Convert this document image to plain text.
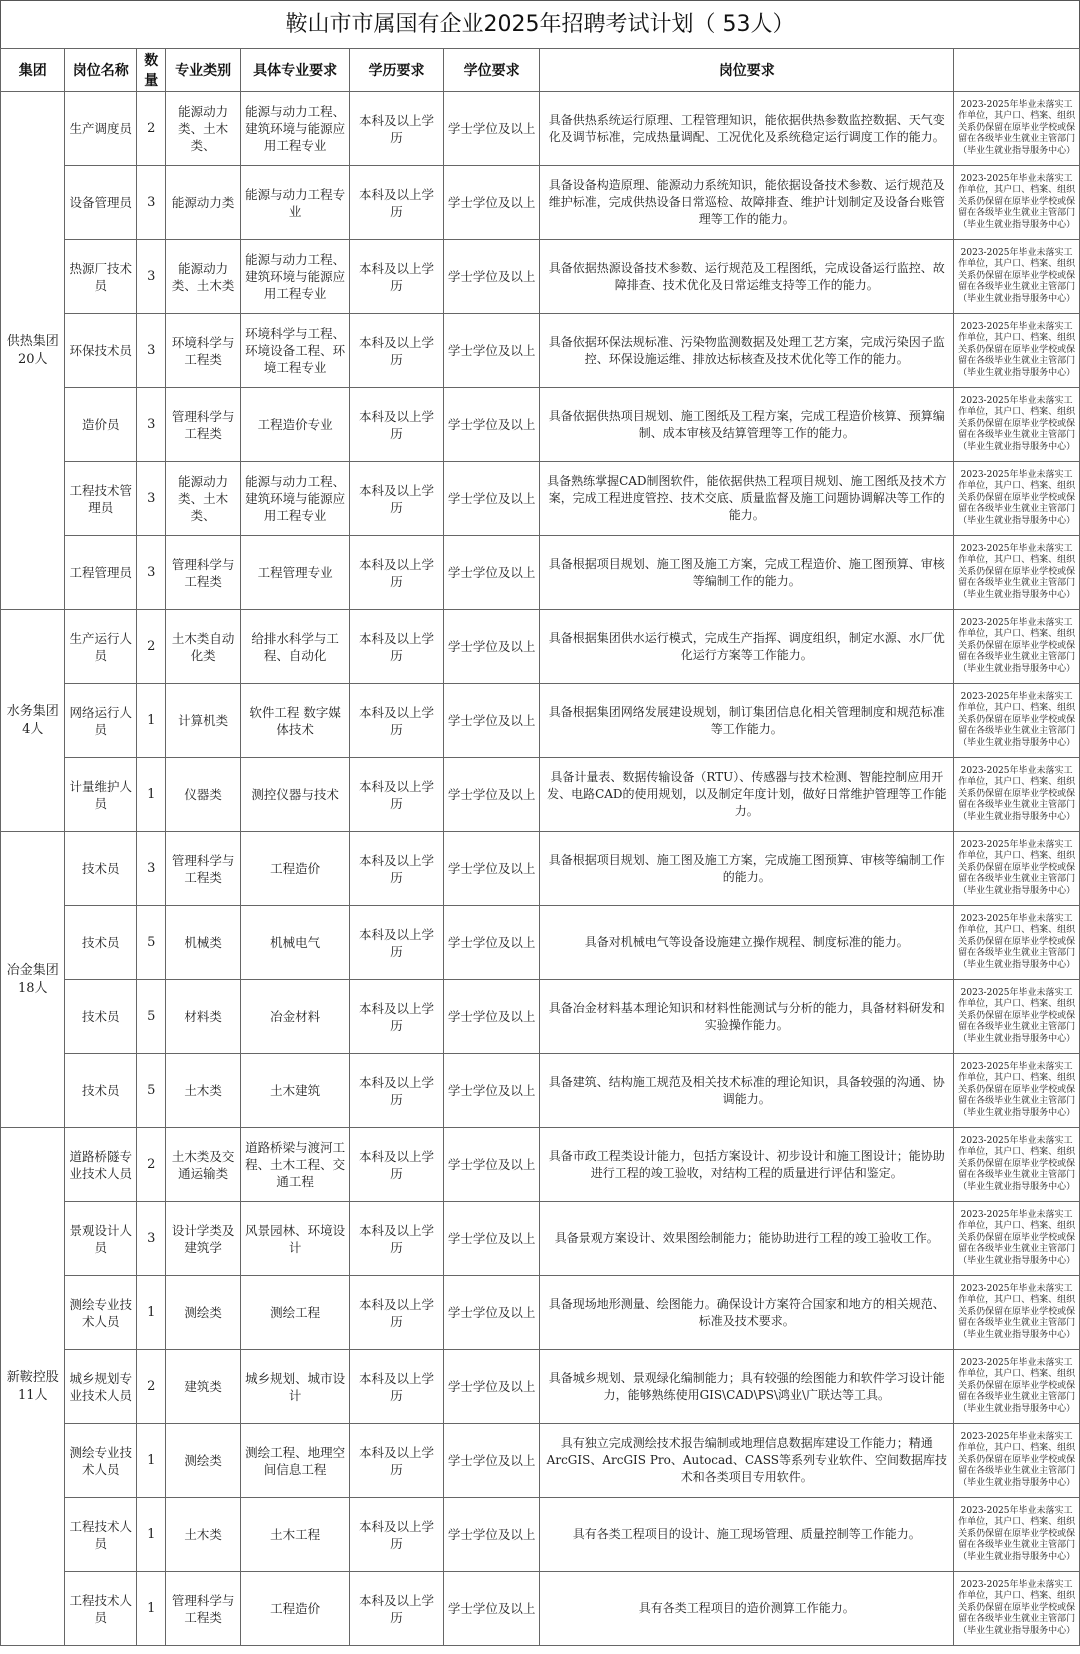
鞍山市市属国有企业2025年招聘考试计划（ 53人）
集团	岗位名称	数量	专业类别	具体专业要求	学历要求	学位要求	岗位要求	
供热集团20人	生产调度员	2	能源动力类、土木类、	能源与动力工程、建筑环境与能源应用工程专业	本科及以上学历	学士学位及以上	具备供热系统运行原理、工程管理知识，能依据供热参数监控数据、天气变化及调节标准，完成热量调配、工况优化及系统稳定运行调度工作的能力。	2023-2025年毕业未落实工作单位，其户口、档案、组织关系仍保留在原毕业学校或保留在各级毕业生就业主管部门（毕业生就业指导服务中心）
	设备管理员	3	能源动力类	能源与动力工程专业	本科及以上学历	学士学位及以上	具备设备构造原理、能源动力系统知识，能依据设备技术参数、运行规范及维护标准，完成供热设备日常巡检、故障排查、维护计划制定及设备台账管理等工作的能力。	2023-2025年毕业未落实工作单位，其户口、档案、组织关系仍保留在原毕业学校或保留在各级毕业生就业主管部门（毕业生就业指导服务中心）
	热源厂技术员	3	能源动力类、土木类	能源与动力工程、建筑环境与能源应用工程专业	本科及以上学历	学士学位及以上	具备依据热源设备技术参数、运行规范及工程图纸，完成设备运行监控、故障排查、技术优化及日常运维支持等工作的能力。	2023-2025年毕业未落实工作单位，其户口、档案、组织关系仍保留在原毕业学校或保留在各级毕业生就业主管部门（毕业生就业指导服务中心）
	环保技术员	3	环境科学与工程类	环境科学与工程、环境设备工程、环境工程专业	本科及以上学历	学士学位及以上	具备依据环保法规标准、污染物监测数据及处理工艺方案，完成污染因子监控、环保设施运维、排放达标核查及技术优化等工作的能力。	2023-2025年毕业未落实工作单位，其户口、档案、组织关系仍保留在原毕业学校或保留在各级毕业生就业主管部门（毕业生就业指导服务中心）
	造价员	3	管理科学与工程类	工程造价专业	本科及以上学历	学士学位及以上	具备依据供热项目规划、施工图纸及工程方案，完成工程造价核算、预算编制、成本审核及结算管理等工作的能力。	2023-2025年毕业未落实工作单位，其户口、档案、组织关系仍保留在原毕业学校或保留在各级毕业生就业主管部门（毕业生就业指导服务中心）
	工程技术管理员	3	能源动力类、土木类、	能源与动力工程、建筑环境与能源应用工程专业	本科及以上学历	学士学位及以上	具备熟练掌握CAD制图软件，能依据供热工程项目规划、施工图纸及技术方案，完成工程进度管控、技术交底、质量监督及施工问题协调解决等工作的能力。	2023-2025年毕业未落实工作单位，其户口、档案、组织关系仍保留在原毕业学校或保留在各级毕业生就业主管部门（毕业生就业指导服务中心）
	工程管理员	3	管理科学与工程类	工程管理专业	本科及以上学历	学士学位及以上	具备根据项目规划、施工图及施工方案，完成工程造价、施工图预算、审核等编制工作的能力。	2023-2025年毕业未落实工作单位，其户口、档案、组织关系仍保留在原毕业学校或保留在各级毕业生就业主管部门（毕业生就业指导服务中心）
水务集团4人	生产运行人员	2	土木类自动化类	给排水科学与工程、自动化	本科及以上学历	学士学位及以上	具备根据集团供水运行模式，完成生产指挥、调度组织，制定水源、水厂优化运行方案等工作能力。	2023-2025年毕业未落实工作单位，其户口、档案、组织关系仍保留在原毕业学校或保留在各级毕业生就业主管部门（毕业生就业指导服务中心）
	网络运行人员	1	计算机类	软件工程 数字媒体技术	本科及以上学历	学士学位及以上	具备根据集团网络发展建设规划，制订集团信息化相关管理制度和规范标准等工作能力。	2023-2025年毕业未落实工作单位，其户口、档案、组织关系仍保留在原毕业学校或保留在各级毕业生就业主管部门（毕业生就业指导服务中心）
	计量维护人员	1	仪器类	测控仪器与技术	本科及以上学历	学士学位及以上	具备计量表、数据传输设备（RTU）、传感器与技术检测、智能控制应用开发、电路CAD的使用规划，以及制定年度计划，做好日常维护管理等工作能力。	2023-2025年毕业未落实工作单位，其户口、档案、组织关系仍保留在原毕业学校或保留在各级毕业生就业主管部门（毕业生就业指导服务中心）
冶金集团18人	技术员	3	管理科学与工程类	工程造价	本科及以上学历	学士学位及以上	具备根据项目规划、施工图及施工方案，完成施工图预算、审核等编制工作的能力。	2023-2025年毕业未落实工作单位，其户口、档案、组织关系仍保留在原毕业学校或保留在各级毕业生就业主管部门（毕业生就业指导服务中心）
	技术员	5	机械类	机械电气	本科及以上学历	学士学位及以上	具备对机械电气等设备设施建立操作规程、制度标准的能力。	2023-2025年毕业未落实工作单位，其户口、档案、组织关系仍保留在原毕业学校或保留在各级毕业生就业主管部门（毕业生就业指导服务中心）
	技术员	5	材料类	冶金材料	本科及以上学历	学士学位及以上	具备冶金材料基本理论知识和材料性能测试与分析的能力，具备材料研发和实验操作能力。	2023-2025年毕业未落实工作单位，其户口、档案、组织关系仍保留在原毕业学校或保留在各级毕业生就业主管部门（毕业生就业指导服务中心）
	技术员	5	土木类	土木建筑	本科及以上学历	学士学位及以上	具备建筑、结构施工规范及相关技术标准的理论知识，具备较强的沟通、协调能力。	2023-2025年毕业未落实工作单位，其户口、档案、组织关系仍保留在原毕业学校或保留在各级毕业生就业主管部门（毕业生就业指导服务中心）
新鞍控股11人	道路桥隧专业技术人员	2	土木类及交通运输类	道路桥梁与渡河工程、土木工程、交通工程	本科及以上学历	学士学位及以上	具备市政工程类设计能力，包括方案设计、初步设计和施工图设计；能协助进行工程的竣工验收，对结构工程的质量进行评估和鉴定。	2023-2025年毕业未落实工作单位，其户口、档案、组织关系仍保留在原毕业学校或保留在各级毕业生就业主管部门（毕业生就业指导服务中心）
	景观设计人员	3	设计学类及建筑学	风景园林、环境设计	本科及以上学历	学士学位及以上	具备景观方案设计、效果图绘制能力；能协助进行工程的竣工验收工作。	2023-2025年毕业未落实工作单位，其户口、档案、组织关系仍保留在原毕业学校或保留在各级毕业生就业主管部门（毕业生就业指导服务中心）
	测绘专业技术人员	1	测绘类	测绘工程	本科及以上学历	学士学位及以上	具备现场地形测量、绘图能力。确保设计方案符合国家和地方的相关规范、标准及技术要求。	2023-2025年毕业未落实工作单位，其户口、档案、组织关系仍保留在原毕业学校或保留在各级毕业生就业主管部门（毕业生就业指导服务中心）
	城乡规划专业技术人员	2	建筑类	城乡规划、城市设计	本科及以上学历	学士学位及以上	具备城乡规划、景观绿化编制能力；具有较强的绘图能力和软件学习设计能力，能够熟练使用GIS\CAD\PS\鸿业\广联达等工具。	2023-2025年毕业未落实工作单位，其户口、档案、组织关系仍保留在原毕业学校或保留在各级毕业生就业主管部门（毕业生就业指导服务中心）
	测绘专业技术人员	1	测绘类	测绘工程、地理空间信息工程	本科及以上学历	学士学位及以上	具有独立完成测绘技术报告编制或地理信息数据库建设工作能力；精通ArcGIS、ArcGIS Pro、Autocad、CASS等系列专业软件、空间数据库技术和各类项目专用软件。	2023-2025年毕业未落实工作单位，其户口、档案、组织关系仍保留在原毕业学校或保留在各级毕业生就业主管部门（毕业生就业指导服务中心）
	工程技术人员	1	土木类	土木工程	本科及以上学历	学士学位及以上	具有各类工程项目的设计、施工现场管理、质量控制等工作能力。	2023-2025年毕业未落实工作单位，其户口、档案、组织关系仍保留在原毕业学校或保留在各级毕业生就业主管部门（毕业生就业指导服务中心）
	工程技术人员	1	管理科学与工程类	工程造价	本科及以上学历	学士学位及以上	具有各类工程项目的造价测算工作能力。	2023-2025年毕业未落实工作单位，其户口、档案、组织关系仍保留在原毕业学校或保留在各级毕业生就业主管部门（毕业生就业指导服务中心）
